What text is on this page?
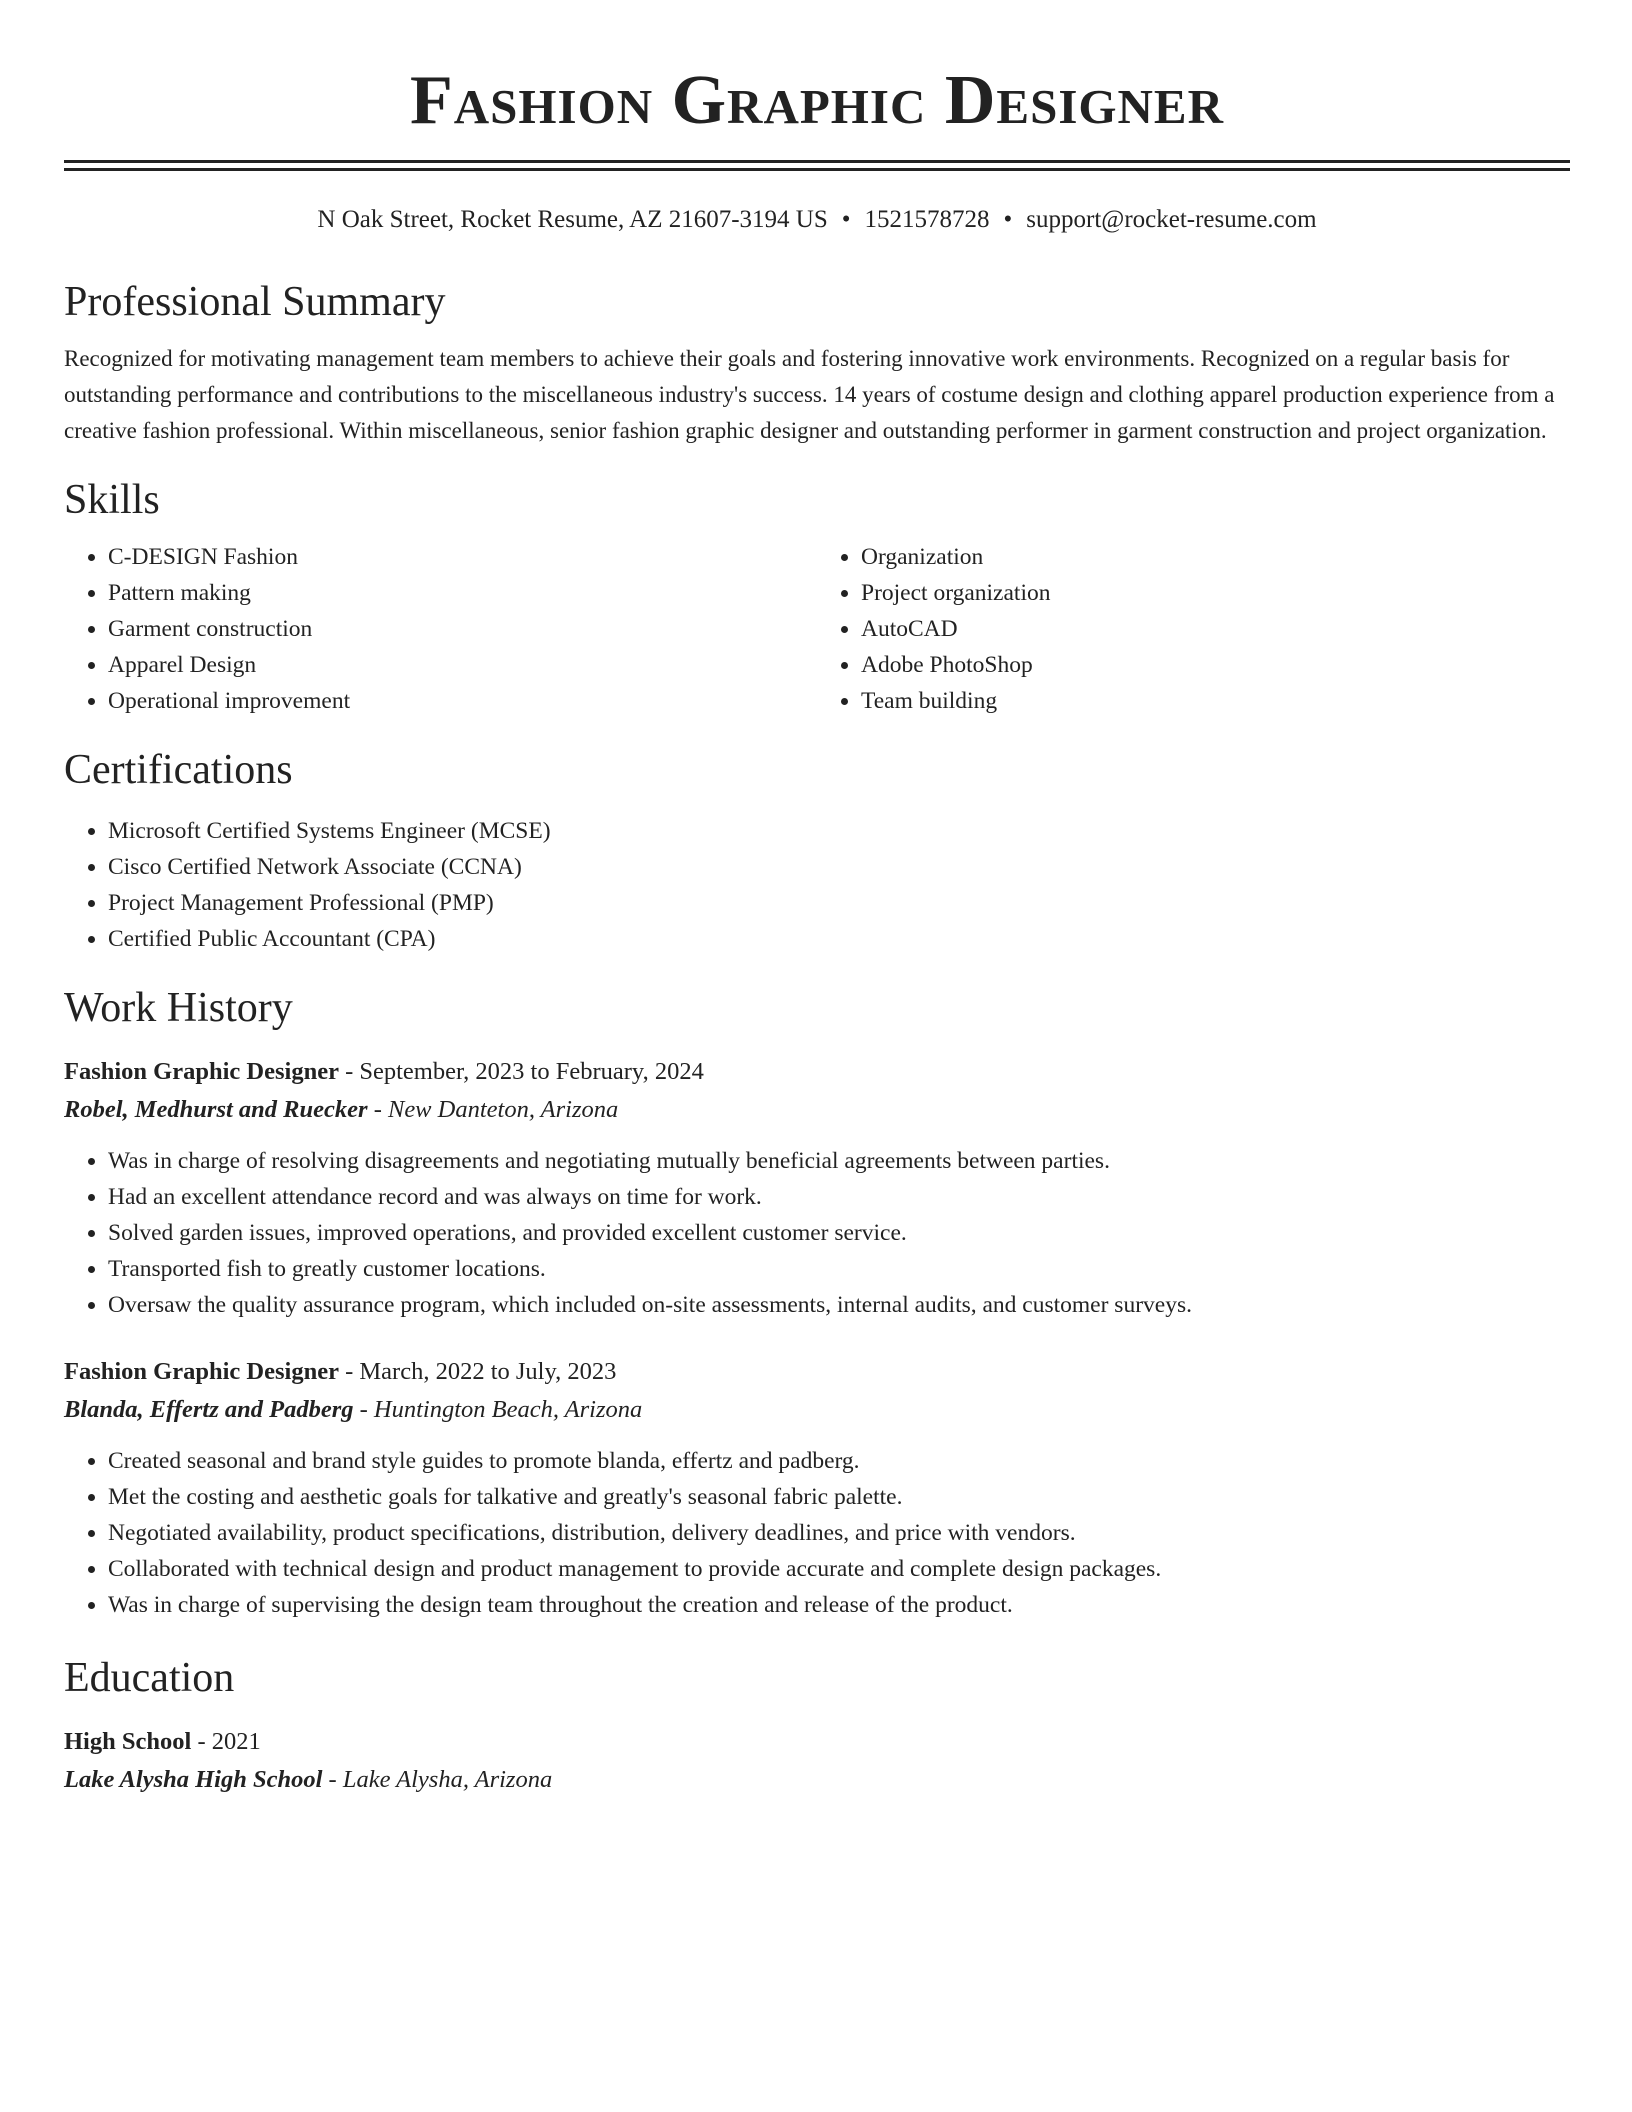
Fashion Graphic Designer
N Oak Street, Rocket Resume, AZ 21607-3194 US • 1521578728 • support@rocket-resume.com
Professional Summary

Recognized for motivating management team members to achieve their goals and fostering innovative work environments. Recognized on a regular basis for outstanding performance and contributions to the miscellaneous industry's success. 14 years of costume design and clothing apparel production experience from a creative fashion professional. Within miscellaneous, senior fashion graphic designer and outstanding performer in garment construction and project organization.

Skills
• C-DESIGN Fashion
• Pattern making
• Garment construction
• Apparel Design
• Operational improvement
• Organization
• Project organization
• AutoCAD
• Adobe PhotoShop
• Team building
Certifications
• Microsoft Certified Systems Engineer (MCSE)
• Cisco Certified Network Associate (CCNA)
• Project Management Professional (PMP)
• Certified Public Accountant (CPA)
Work History
Fashion Graphic Designer - September, 2023 to February, 2024
Robel, Medhurst and Ruecker - New Danteton, Arizona
• Was in charge of resolving disagreements and negotiating mutually beneficial agreements between parties.
• Had an excellent attendance record and was always on time for work.
• Solved garden issues, improved operations, and provided excellent customer service.
• Transported fish to greatly customer locations.
• Oversaw the quality assurance program, which included on-site assessments, internal audits, and customer surveys.
Fashion Graphic Designer - March, 2022 to July, 2023
Blanda, Effertz and Padberg - Huntington Beach, Arizona
• Created seasonal and brand style guides to promote blanda, effertz and padberg.
• Met the costing and aesthetic goals for talkative and greatly's seasonal fabric palette.
• Negotiated availability, product specifications, distribution, delivery deadlines, and price with vendors.
• Collaborated with technical design and product management to provide accurate and complete design packages.
• Was in charge of supervising the design team throughout the creation and release of the product.
Education
High School - 2021
Lake Alysha High School - Lake Alysha, Arizona
